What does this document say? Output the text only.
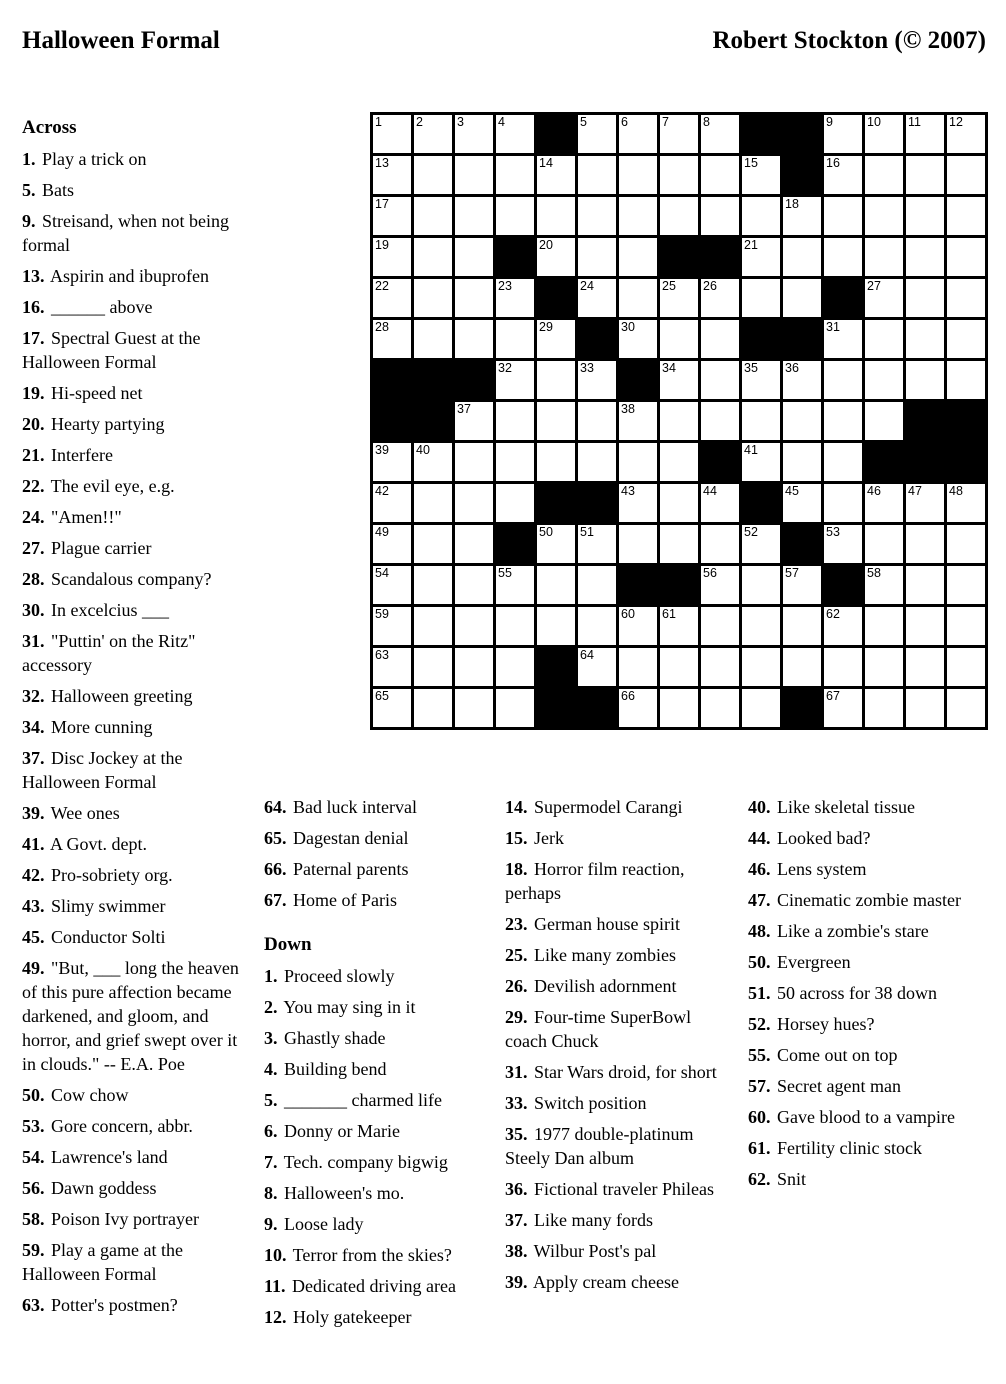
Halloween Formal	Robert Stockton (© 2007)
1	2	3	4	5	6	7	8	9	10 11 12
13	14	15	16
17	18
19	20	21
22	23	24	25 26	27
28	29	30	31
32	33	34	35 36
37	38
39 40	41
42	43	44	45	46 47 48
49	50 51	52	53
54	55	56	57	58
59	60 61	62
63	64
65	66	67
Across
1. Play a trick on
5. Bats
9. Streisand, when not being formal
13. Aspirin and ibuprofen
16. ______ above
17. Spectral Guest at the Halloween Formal
19. Hi-speed net
20. Hearty partying
21. Interfere
22. The evil eye, e.g.
24. "Amen!!"
27. Plague carrier
28. Scandalous company?
30. In excelcius ___
31. "Puttin' on the Ritz" accessory
32. Halloween greeting
34. More cunning
37. Disc Jockey at the Halloween Formal
39. Wee ones
41. A Govt. dept.
42. Pro-sobriety org.
43. Slimy swimmer
45. Conductor Solti
49. "But, ___ long the heaven of this pure affection became darkened, and gloom, and horror, and grief swept over it in clouds." -- E.A. Poe
50. Cow chow
53. Gore concern, abbr.
54. Lawrence's land
56. Dawn goddess
58. Poison Ivy portrayer
59. Play a game at the Halloween Formal
63. Potter's postmen?
64. Bad luck interval
65. Dagestan denial
66. Paternal parents
67. Home of Paris
Down
1. Proceed slowly
2. You may sing in it
3. Ghastly shade
4. Building bend
5. _______ charmed life
6. Donny or Marie
7. Tech. company bigwig
8. Halloween's mo.
9. Loose lady
10. Terror from the skies?
11. Dedicated driving area
12. Holy gatekeeper
14. Supermodel Carangi
15. Jerk
18. Horror film reaction, perhaps
23. German house spirit
25. Like many zombies
26. Devilish adornment
29. Four-time SuperBowl coach Chuck
31. Star Wars droid, for short
33. Switch position
35. 1977 double-platinum Steely Dan album
36. Fictional traveler Phileas
37. Like many fords
38. Wilbur Post's pal
39. Apply cream cheese
40. Like skeletal tissue
44. Looked bad?
46. Lens system
47. Cinematic zombie master
48. Like a zombie's stare
50. Evergreen
51. 50 across for 38 down
52. Horsey hues?
55. Come out on top
57. Secret agent man
60. Gave blood to a vampire
61. Fertility clinic stock
62. Snit
